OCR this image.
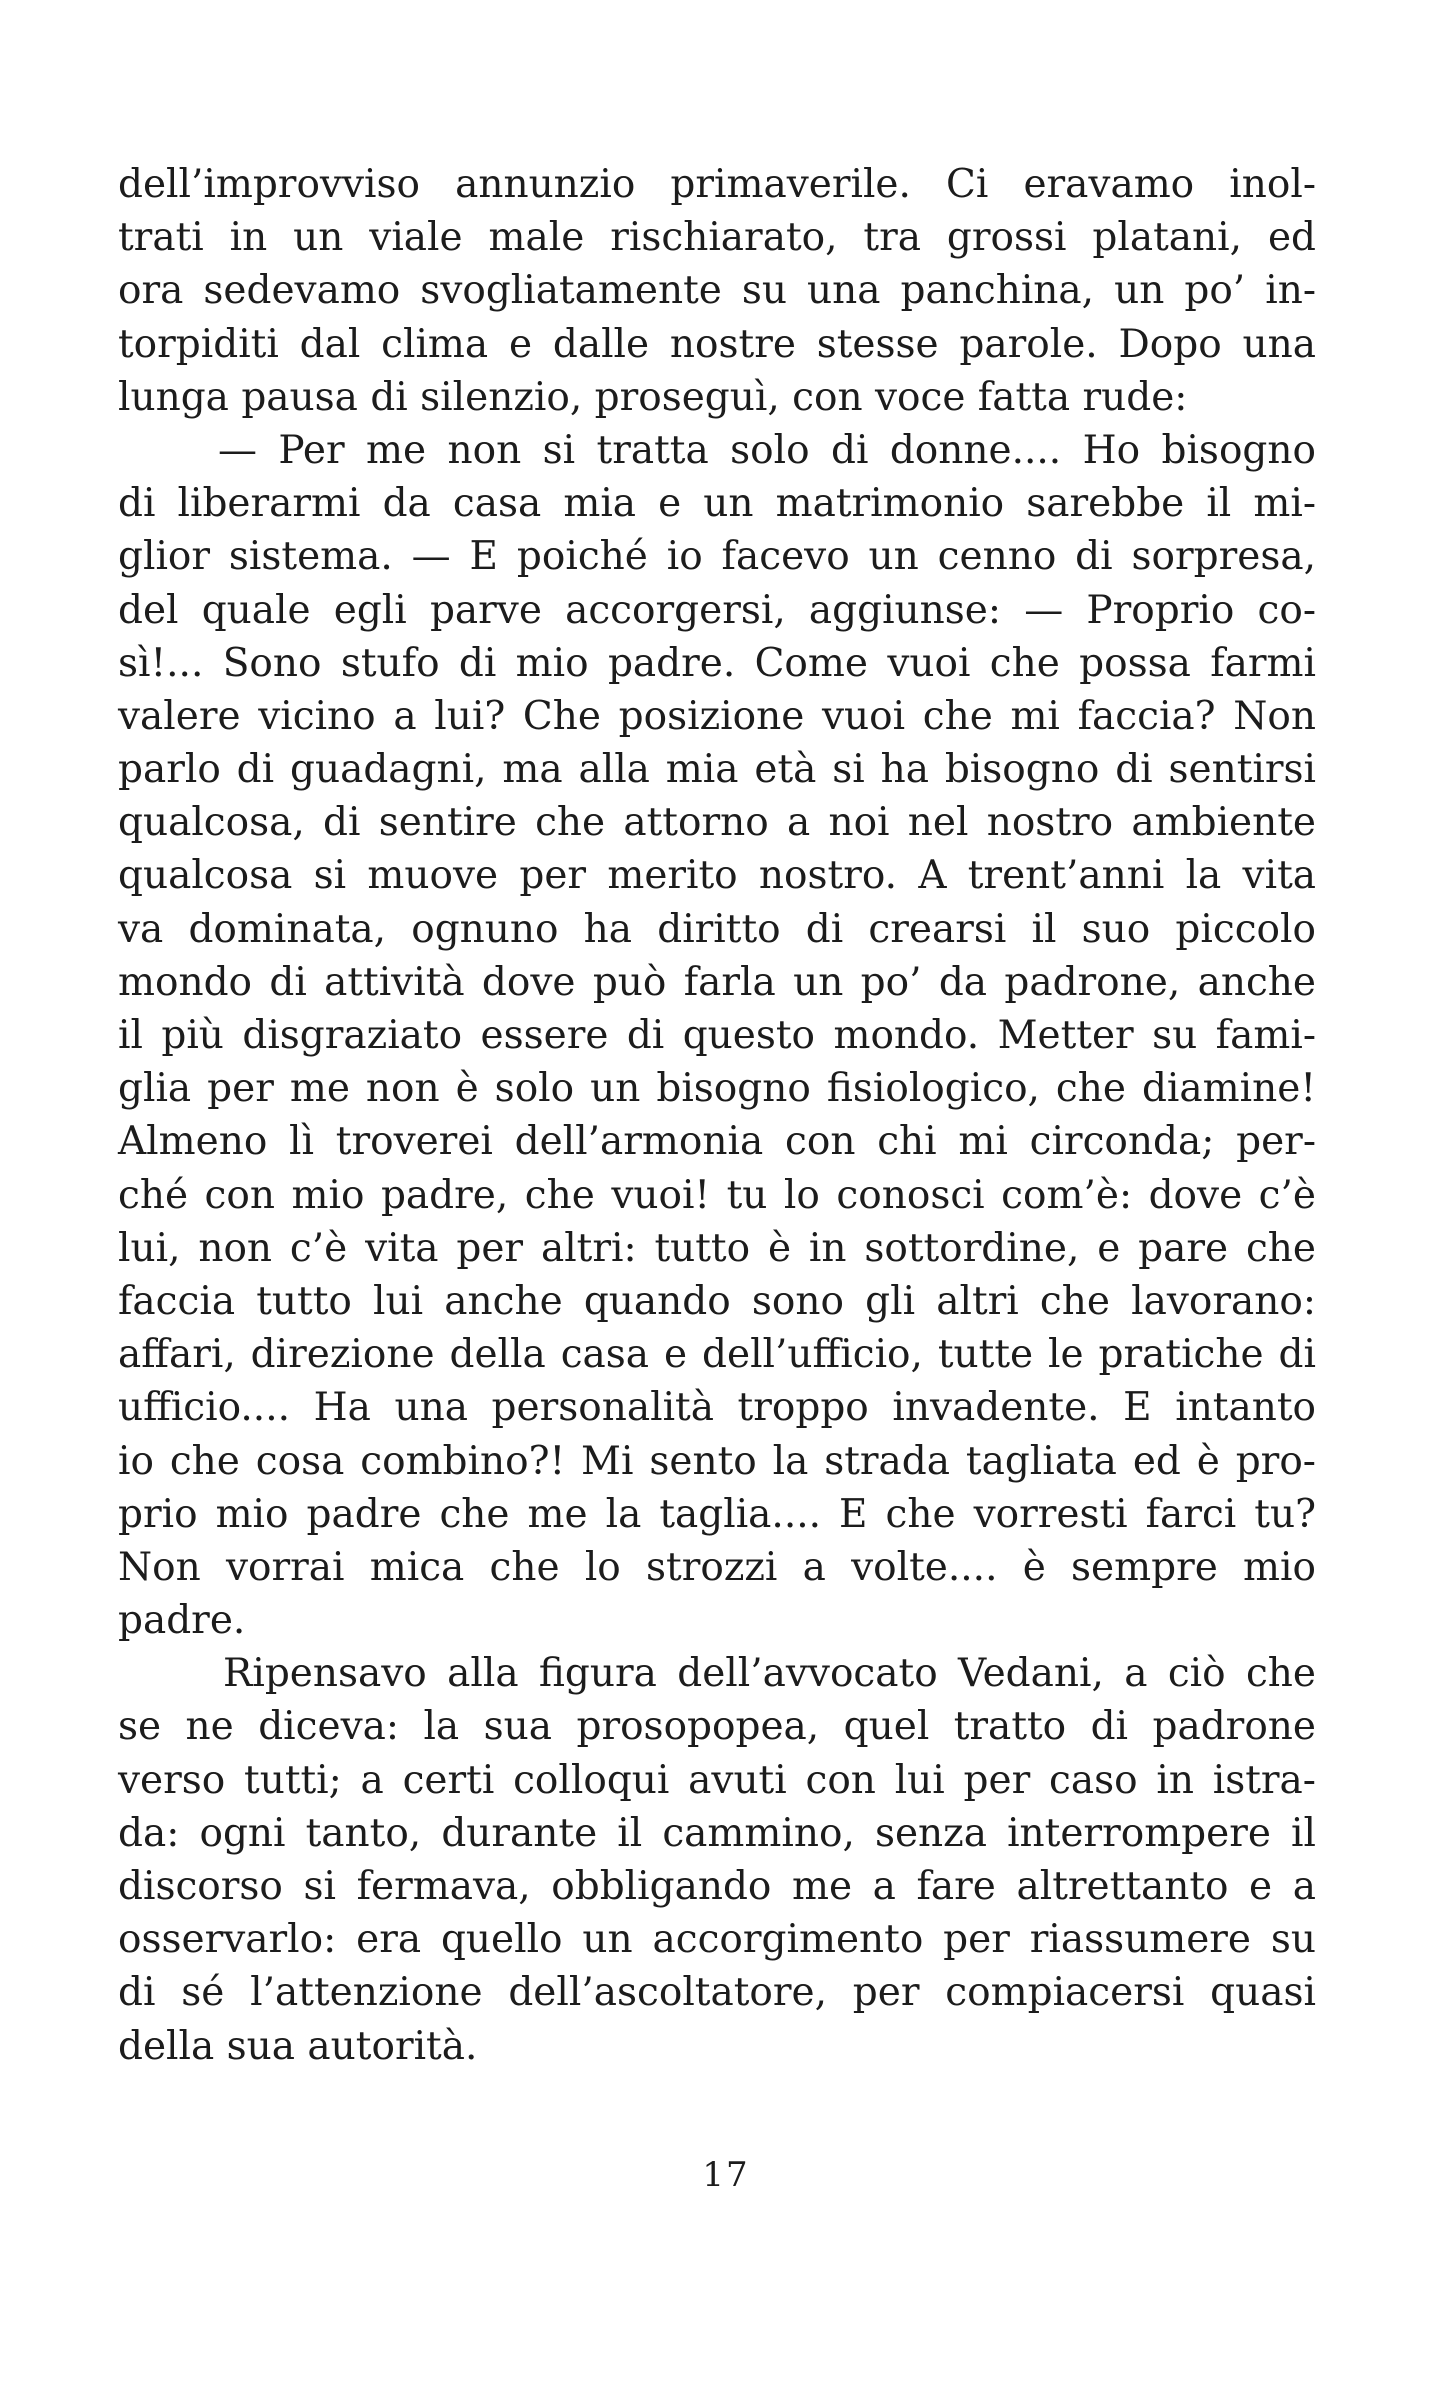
dell’improvviso annunzio primaverile. Ci eravamo inol-
trati in un viale male rischiarato, tra grossi platani, ed
ora sedevamo svogliatamente su una panchina, un po’ in-
torpiditi dal clima e dalle nostre stesse parole. Dopo una
lunga pausa di silenzio, proseguì, con voce fatta rude:
— Per me non si tratta solo di donne.... Ho bisogno
di liberarmi da casa mia e un matrimonio sarebbe il mi-
glior sistema. — E poiché io facevo un cenno di sorpresa,
del quale egli parve accorgersi, aggiunse: — Proprio co-
sì!... Sono stufo di mio padre. Come vuoi che possa farmi
valere vicino a lui? Che posizione vuoi che mi faccia? Non
parlo di guadagni, ma alla mia età si ha bisogno di sentirsi
qualcosa, di sentire che attorno a noi nel nostro ambiente
qualcosa si muove per merito nostro. A trent’anni la vita
va dominata, ognuno ha diritto di crearsi il suo piccolo
mondo di attività dove può farla un po’ da padrone, anche
il più disgraziato essere di questo mondo. Metter su fami-
glia per me non è solo un bisogno fisiologico, che diamine!
Almeno lì troverei dell’armonia con chi mi circonda; per-
ché con mio padre, che vuoi! tu lo conosci com’è: dove c’è
lui, non c’è vita per altri: tutto è in sottordine, e pare che
faccia tutto lui anche quando sono gli altri che lavorano:
affari, direzione della casa e dell’ufficio, tutte le pratiche di
ufficio.... Ha una personalità troppo invadente. E intanto
io che cosa combino?! Mi sento la strada tagliata ed è pro-
prio mio padre che me la taglia.... E che vorresti farci tu?
Non vorrai mica che lo strozzi a volte.... è sempre mio
padre.
Ripensavo alla figura dell’avvocato Vedani, a ciò che
se ne diceva: la sua prosopopea, quel tratto di padrone
verso tutti; a certi colloqui avuti con lui per caso in istra-
da: ogni tanto, durante il cammino, senza interrompere il
discorso si fermava, obbligando me a fare altrettanto e a
osservarlo: era quello un accorgimento per riassumere su
di sé l’attenzione dell’ascoltatore, per compiacersi quasi
della sua autorità.
17
